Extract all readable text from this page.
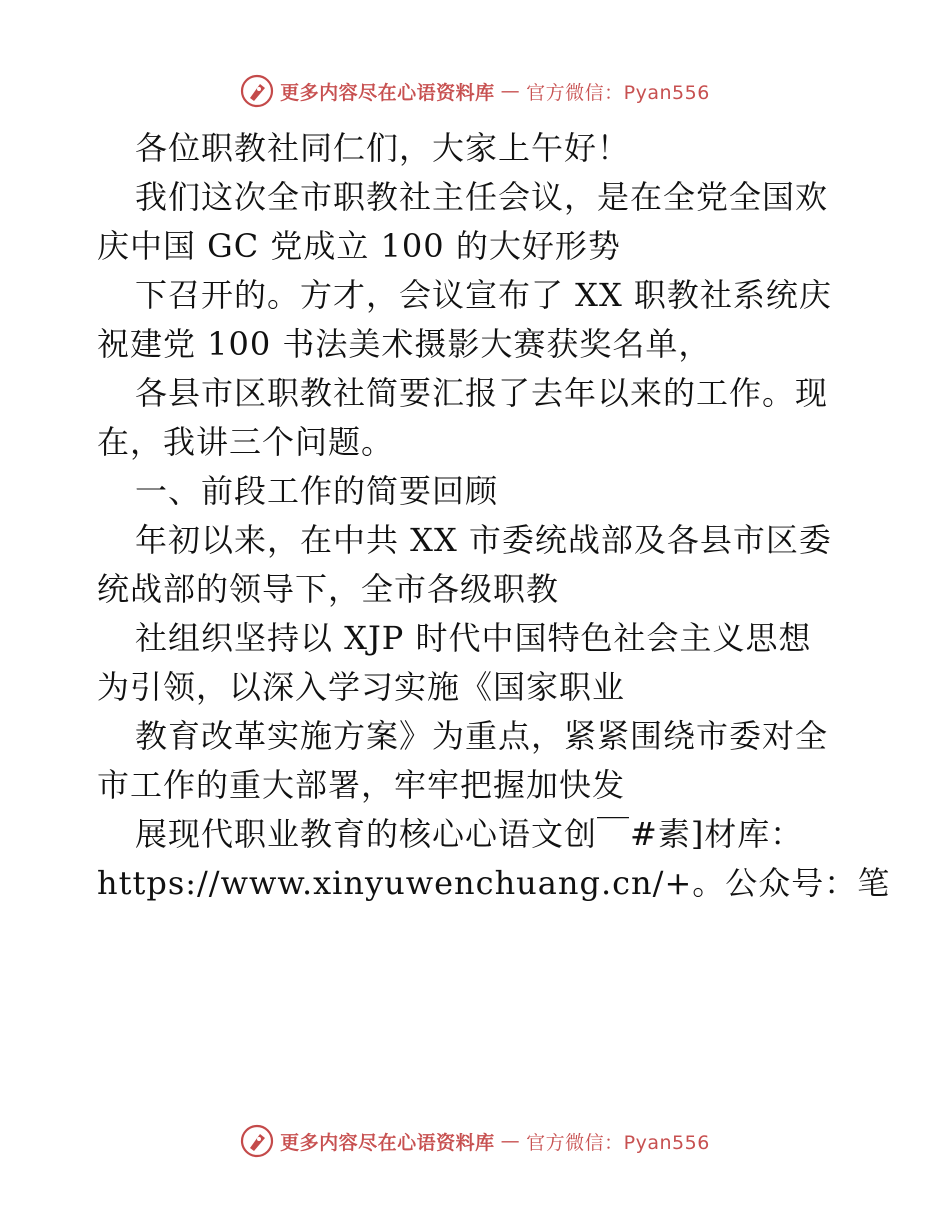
更多内容尽在心语资料库 — 官方微信：Pyan556
各位职教社同仁们，大家上午好！
我们这次全市职教社主任会议，是在全党全国欢
庆中国 GC 党成立 100 的大好形势
下召开的。方才，会议宣布了 XX 职教社系统庆
祝建党 100 书法美术摄影大赛获奖名单，
各县市区职教社简要汇报了去年以来的工作。现
在，我讲三个问题。
一、前段工作的简要回顾
年初以来，在中共 XX 市委统战部及各县市区委
统战部的领导下，全市各级职教
社组织坚持以 XJP 时代中国特色社会主义思想
为引领，以深入学习实施《国家职业
教育改革实施方案》为重点，紧紧围绕市委对全
市工作的重大部署，牢牢把握加快发
展现代职业教育的核心心语文创￣#素]材库：
https://www.xinyuwenchuang.cn/+。公众号：笔
更多内容尽在心语资料库 — 官方微信：Pyan556
